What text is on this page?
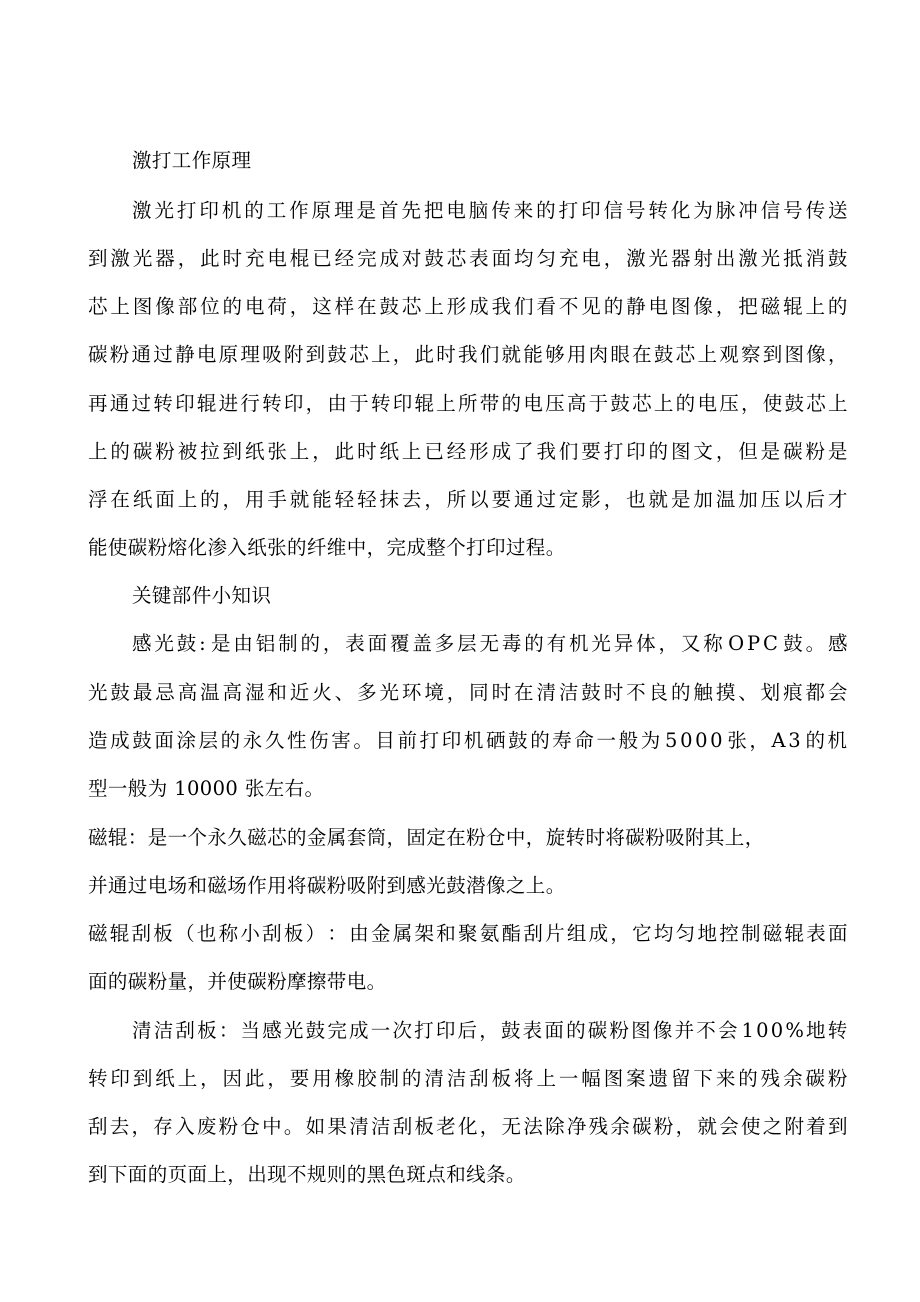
激打工作原理
激 光 打 印 机 的 工 作 原 理 是 首 先 把 电 脑 传 来 的 打 印 信 号 转 化 为 脉 冲 信 号 传 送
到 激 光 器 ， 此 时 充 电 棍 已 经 完 成 对 鼓 芯 表 面 均 匀 充 电 ， 激 光 器 射 出 激 光 抵 消 鼓
芯 上 图 像 部 位 的 电 荷 ， 这 样 在 鼓 芯 上 形 成 我 们 看 不 见 的 静 电 图 像 ， 把 磁 辊 上 的
碳 粉 通 过 静 电 原 理 吸 附 到 鼓 芯 上 ， 此 时 我 们 就 能 够 用 肉 眼 在 鼓 芯 上 观 察 到 图 像 ，
再 通 过 转 印 辊 进 行 转 印 ， 由 于 转 印 辊 上 所 带 的 电 压 高 于 鼓 芯 上 的 电 压 ， 使 鼓 芯 上
上 的 碳 粉 被 拉 到 纸 张 上 ， 此 时 纸 上 已 经 形 成 了 我 们 要 打 印 的 图 文 ， 但 是 碳 粉 是
浮 在 纸 面 上 的 ， 用 手 就 能 轻 轻 抹 去 ， 所 以 要 通 过 定 影 ， 也 就 是 加 温 加 压 以 后 才
能使碳粉熔化渗入纸张的纤维中，完成整个打印过程。
关键部件小知识
感 光 鼓 : 是 由 铝 制 的 ， 表 面 覆 盖 多 层 无 毒 的 有 机 光 异 体 ， 又 称 O P C 鼓 。 感
光 鼓 最 忌 高 温 高 湿 和 近 火 、 多 光 环 境 ， 同 时 在 清 洁 鼓 时 不 良 的 触 摸 、 划 痕 都 会
造 成 鼓 面 涂 层 的 永 久 性 伤 害 。 目 前 打 印 机 硒 鼓 的 寿 命 一 般 为 5 0 0 0 张 ， A 3 的 机
型一般为 10000 张左右。
磁辊：是一个永久磁芯的金属套筒，固定在粉仓中，旋转时将碳粉吸附其上，
并通过电场和磁场作用将碳粉吸附到感光鼓潜像之上。
磁 辊 刮 板 （ 也 称 小 刮 板 ） ： 由 金 属 架 和 聚 氨 酯 刮 片 组 成 ， 它 均 匀 地 控 制 磁 辊 表 面
面的碳粉量，并使碳粉摩擦带电。
清 洁 刮 板 ： 当 感 光 鼓 完 成 一 次 打 印 后 ， 鼓 表 面 的 碳 粉 图 像 并 不 会 1 0 0 % 地 转
转 印 到 纸 上 ， 因 此 ， 要 用 橡 胶 制 的 清 洁 刮 板 将 上 一 幅 图 案 遗 留 下 来 的 残 余 碳 粉
刮 去 ， 存 入 废 粉 仓 中 。 如 果 清 洁 刮 板 老 化 ， 无 法 除 净 残 余 碳 粉 ， 就 会 使 之 附 着 到
到下面的页面上，出现不规则的黑色斑点和线条。
